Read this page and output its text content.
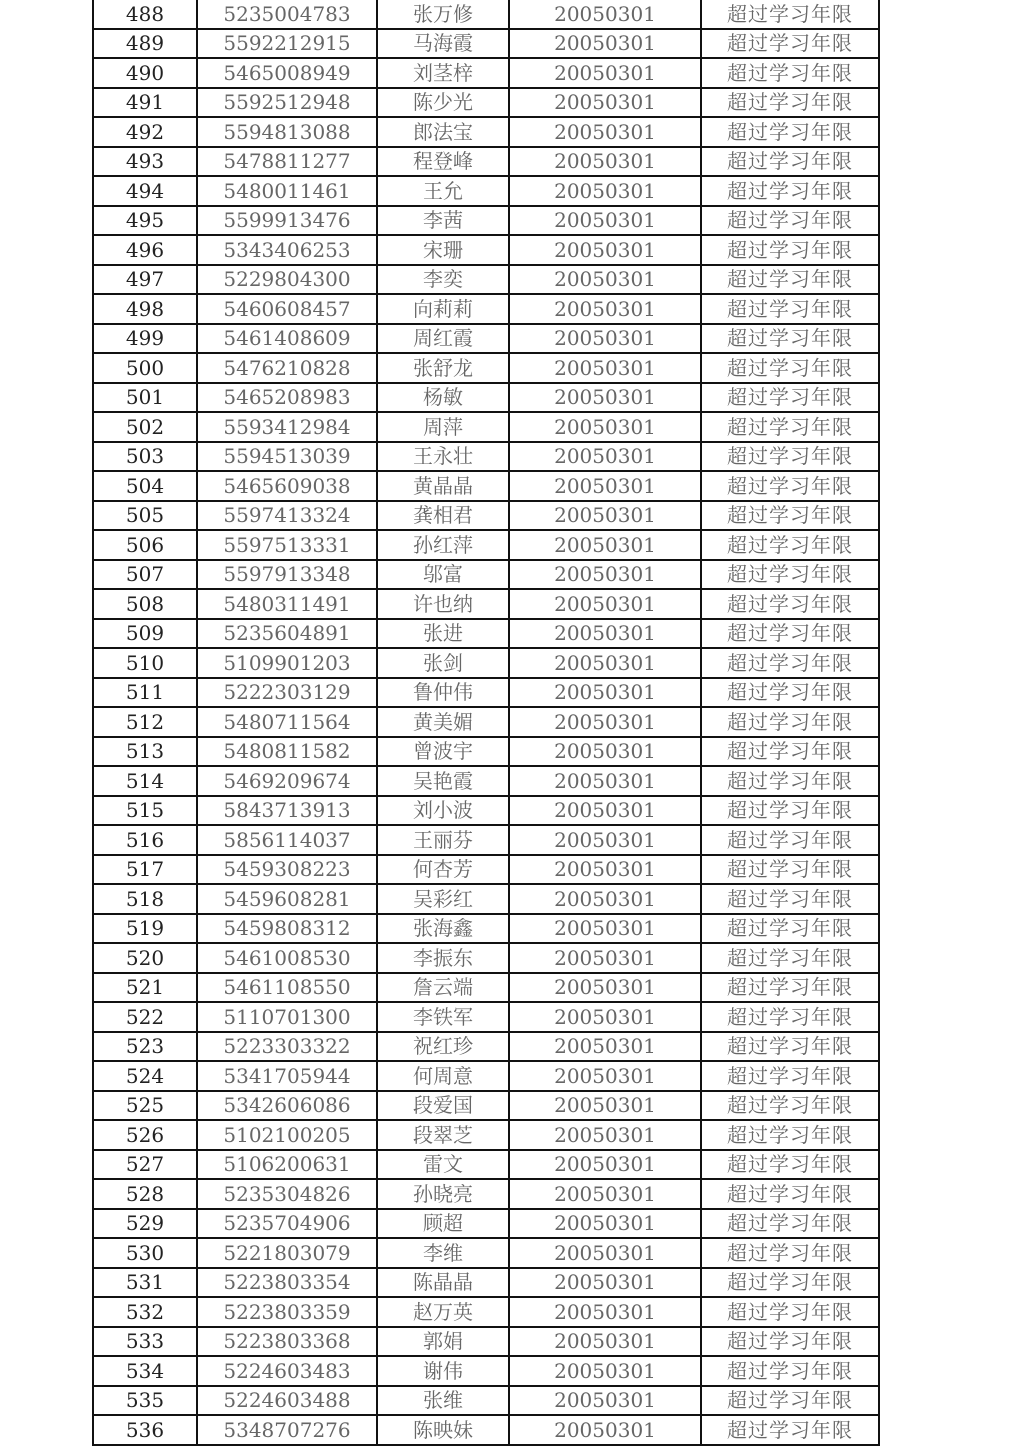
488	5235004783	张万修	20050301	超过学习年限
489	5592212915	马海霞	20050301	超过学习年限
490	5465008949	刘茎梓	20050301	超过学习年限
491	5592512948	陈少光	20050301	超过学习年限
492	5594813088	郎法宝	20050301	超过学习年限
493	5478811277	程登峰	20050301	超过学习年限
494	5480011461	王允	20050301	超过学习年限
495	5599913476	李茜	20050301	超过学习年限
496	5343406253	宋珊	20050301	超过学习年限
497	5229804300	李奕	20050301	超过学习年限
498	5460608457	向莉莉	20050301	超过学习年限
499	5461408609	周红霞	20050301	超过学习年限
500	5476210828	张舒龙	20050301	超过学习年限
501	5465208983	杨敏	20050301	超过学习年限
502	5593412984	周萍	20050301	超过学习年限
503	5594513039	王永壮	20050301	超过学习年限
504	5465609038	黄晶晶	20050301	超过学习年限
505	5597413324	龚相君	20050301	超过学习年限
506	5597513331	孙红萍	20050301	超过学习年限
507	5597913348	邬富	20050301	超过学习年限
508	5480311491	许也纳	20050301	超过学习年限
509	5235604891	张进	20050301	超过学习年限
510	5109901203	张剑	20050301	超过学习年限
511	5222303129	鲁仲伟	20050301	超过学习年限
512	5480711564	黄美媚	20050301	超过学习年限
513	5480811582	曾波宇	20050301	超过学习年限
514	5469209674	吴艳霞	20050301	超过学习年限
515	5843713913	刘小波	20050301	超过学习年限
516	5856114037	王丽芬	20050301	超过学习年限
517	5459308223	何杏芳	20050301	超过学习年限
518	5459608281	吴彩红	20050301	超过学习年限
519	5459808312	张海鑫	20050301	超过学习年限
520	5461008530	李振东	20050301	超过学习年限
521	5461108550	詹云端	20050301	超过学习年限
522	5110701300	李铁军	20050301	超过学习年限
523	5223303322	祝红珍	20050301	超过学习年限
524	5341705944	何周意	20050301	超过学习年限
525	5342606086	段爱国	20050301	超过学习年限
526	5102100205	段翠芝	20050301	超过学习年限
527	5106200631	雷文	20050301	超过学习年限
528	5235304826	孙晓亮	20050301	超过学习年限
529	5235704906	顾超	20050301	超过学习年限
530	5221803079	李维	20050301	超过学习年限
531	5223803354	陈晶晶	20050301	超过学习年限
532	5223803359	赵万英	20050301	超过学习年限
533	5223803368	郭娟	20050301	超过学习年限
534	5224603483	谢伟	20050301	超过学习年限
535	5224603488	张维	20050301	超过学习年限
536	5348707276	陈映妹	20050301	超过学习年限
